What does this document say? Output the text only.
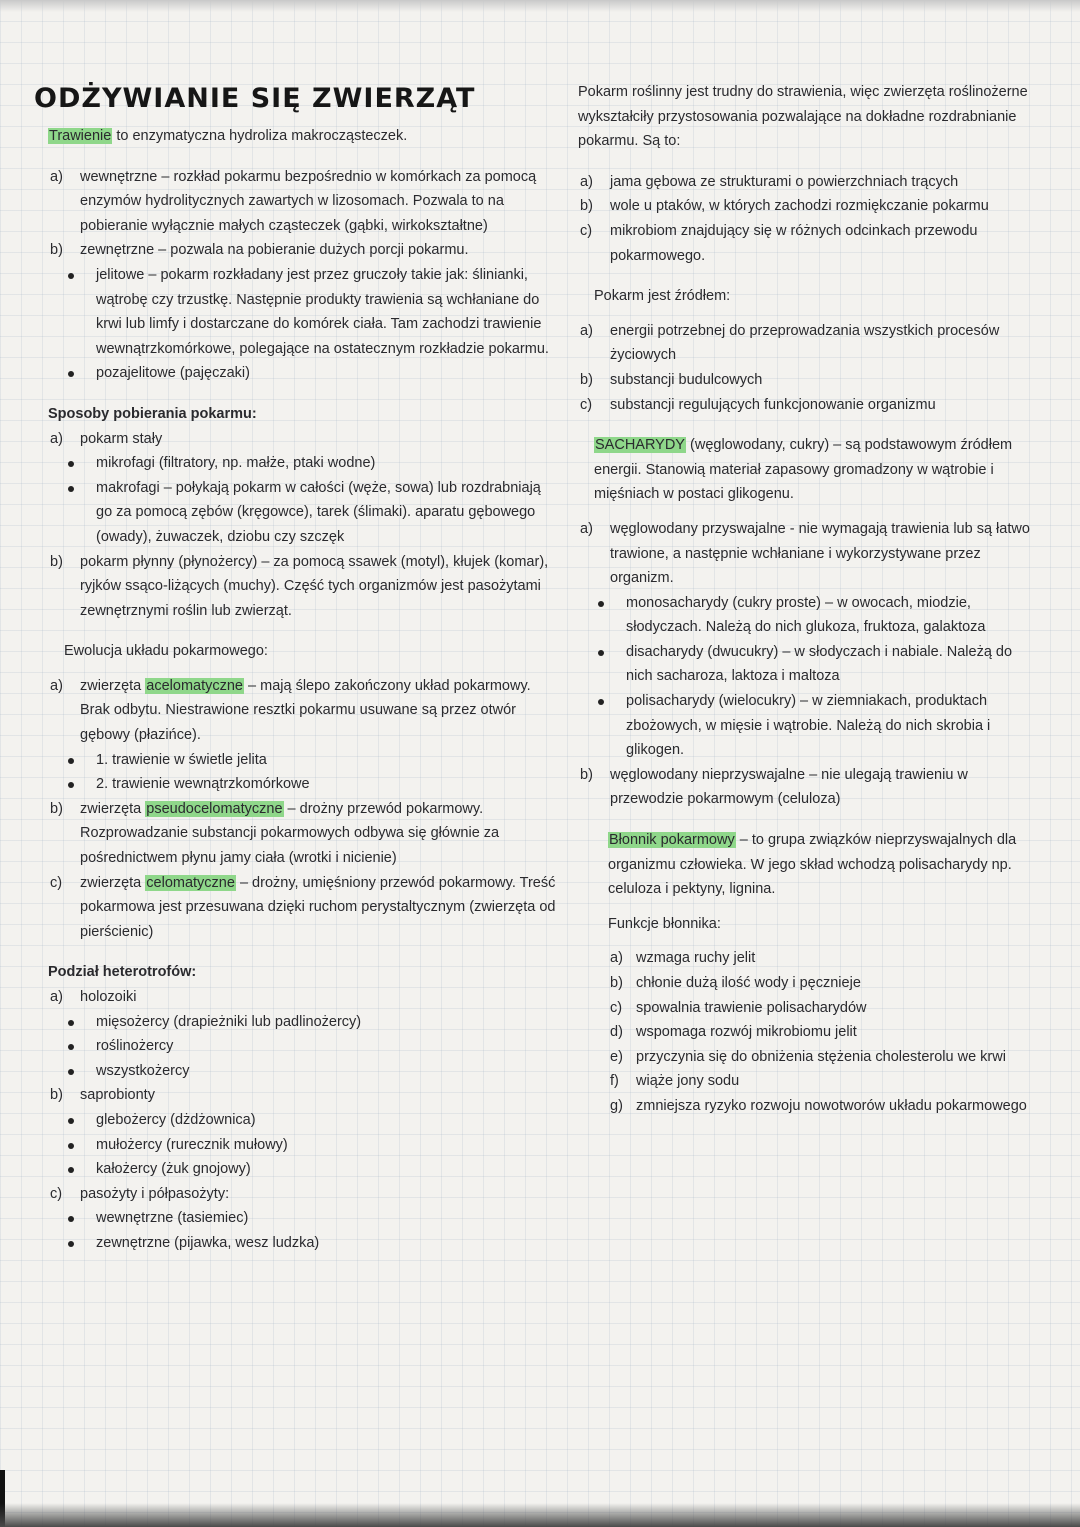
ODŻYWIANIE SIĘ ZWIERZĄT

Trawienie to enzymatyczna hydroliza makrocząsteczek.

a) wewnętrzne – rozkład pokarmu bezpośrednio w komórkach za pomocą enzymów hydrolitycznych zawartych w lizosomach. Pozwala to na pobieranie wyłącznie małych cząsteczek (gąbki, wirkokształtne)
b) zewnętrzne – pozwala na pobieranie dużych porcji pokarmu.
jelitowe – pokarm rozkładany jest przez gruczoły takie jak: ślinianki, wątrobę czy trzustkę. Następnie produkty trawienia są wchłaniane do krwi lub limfy i dostarczane do komórek ciała. Tam zachodzi trawienie wewnątrzkomórkowe, polegające na ostatecznym rozkładzie pokarmu.
pozajelitowe (pajęczaki)

Sposoby pobierania pokarmu:

a) pokarm stały
mikrofagi (filtratory, np. małże, ptaki wodne)
makrofagi – połykają pokarm w całości (węże, sowa) lub rozdrabniają go za pomocą zębów (kręgowce), tarek (ślimaki). aparatu gębowego (owady), żuwaczek, dziobu czy szczęk
b) pokarm płynny (płynożercy) – za pomocą ssawek (motyl), kłujek (komar), ryjków ssąco-liżących (muchy). Część tych organizmów jest pasożytami zewnętrznymi roślin lub zwierząt.

Ewolucja układu pokarmowego:

a) zwierzęta acelomatyczne – mają ślepo zakończony układ pokarmowy. Brak odbytu. Niestrawione resztki pokarmu usuwane są przez otwór gębowy (płazińce).
1. trawienie w świetle jelita
2. trawienie wewnątrzkomórkowe
b) zwierzęta pseudocelomatyczne – drożny przewód pokarmowy. Rozprowadzanie substancji pokarmowych odbywa się głównie za pośrednictwem płynu jamy ciała (wrotki i nicienie)
c) zwierzęta celomatyczne – drożny, umięśniony przewód pokarmowy. Treść pokarmowa jest przesuwana dzięki ruchom perystaltycznym (zwierzęta od pierścienic)

Podział heterotrofów:

a) holozoiki
mięsożercy (drapieżniki lub padlinożercy)
roślinożercy
wszystkożercy
b) saprobionty
glebożercy (dżdżownica)
mułożercy (rurecznik mułowy)
kałożercy (żuk gnojowy)
c) pasożyty i półpasożyty:
wewnętrzne (tasiemiec)
zewnętrzne (pijawka, wesz ludzka)

Pokarm roślinny jest trudny do strawienia, więc zwierzęta roślinożerne wykształciły przystosowania pozwalające na dokładne rozdrabnianie pokarmu. Są to:

a) jama gębowa ze strukturami o powierzchniach trących
b) wole u ptaków, w których zachodzi rozmiękczanie pokarmu
c) mikrobiom znajdujący się w różnych odcinkach przewodu pokarmowego.

Pokarm jest źródłem:

a) energii potrzebnej do przeprowadzania wszystkich procesów życiowych
b) substancji budulcowych
c) substancji regulujących funkcjonowanie organizmu

SACHARYDY (węglowodany, cukry) – są podstawowym źródłem energii. Stanowią materiał zapasowy gromadzony w wątrobie i mięśniach w postaci glikogenu.

a) węglowodany przyswajalne - nie wymagają trawienia lub są łatwo trawione, a następnie wchłaniane i wykorzystywane przez organizm.
monosacharydy (cukry proste) – w owocach, miodzie, słodyczach. Należą do nich glukoza, fruktoza, galaktoza
disacharydy (dwucukry) – w słodyczach i nabiale. Należą do nich sacharoza, laktoza i maltoza
polisacharydy (wielocukry) – w ziemniakach, produktach zbożowych, w mięsie i wątrobie. Należą do nich skrobia i glikogen.
b) węglowodany nieprzyswajalne – nie ulegają trawieniu w przewodzie pokarmowym (celuloza)

Błonnik pokarmowy – to grupa związków nieprzyswajalnych dla organizmu człowieka. W jego skład wchodzą polisacharydy np. celuloza i pektyny, lignina.

Funkcje błonnika:

a) wzmaga ruchy jelit
b) chłonie dużą ilość wody i pęcznieje
c) spowalnia trawienie polisacharydów
d) wspomaga rozwój mikrobiomu jelit
e) przyczynia się do obniżenia stężenia cholesterolu we krwi
f) wiąże jony sodu
g) zmniejsza ryzyko rozwoju nowotworów układu pokarmowego
